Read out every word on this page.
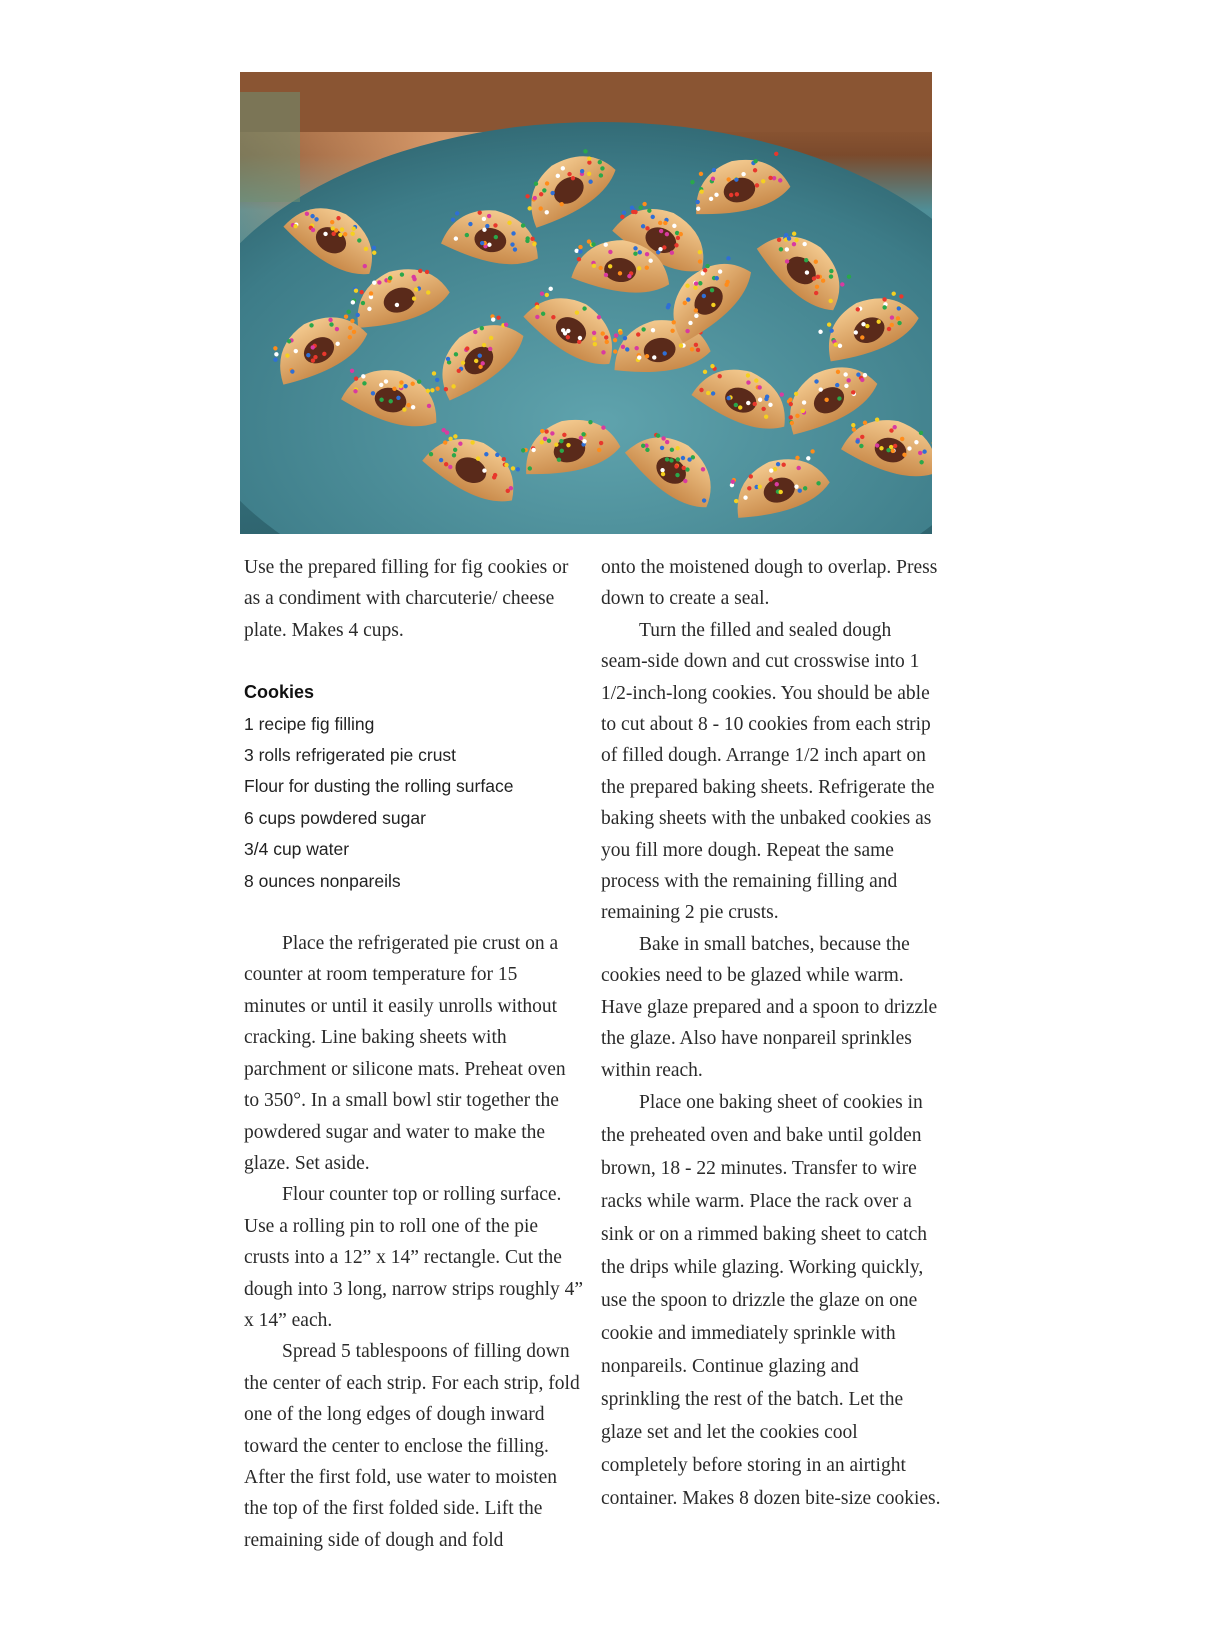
Use the prepared filling for fig cookies or as a condiment with charcuterie/ cheese plate. Makes 4 cups.

Cookies
1 recipe fig filling
3 rolls refrigerated pie crust
Flour for dusting the rolling surface
6 cups powdered sugar
3/4 cup water
8 ounces nonpareils

Place the refrigerated pie crust on a counter at room temperature for 15 minutes or until it easily unrolls without cracking. Line baking sheets with parchment or silicone mats. Preheat oven to 350°. In a small bowl stir together the powdered sugar and water to make the glaze. Set aside.

Flour counter top or rolling surface. Use a rolling pin to roll one of the pie crusts into a 12” x 14” rectangle. Cut the dough into 3 long, narrow strips roughly 4” x 14” each.

Spread 5 tablespoons of filling down the center of each strip. For each strip, fold one of the long edges of dough inward toward the center to enclose the filling. After the first fold, use water to moisten the top of the first folded side. Lift the remaining side of dough and fold

onto the moistened dough to overlap. Press down to create a seal.

Turn the filled and sealed dough seam-side down and cut crosswise into 1 1/2-inch-long cookies. You should be able to cut about 8 - 10 cookies from each strip of filled dough. Arrange 1/2 inch apart on the prepared baking sheets. Refrigerate the baking sheets with the unbaked cookies as you fill more dough. Repeat the same process with the remaining filling and remaining 2 pie crusts.

Bake in small batches, because the cookies need to be glazed while warm. Have glaze prepared and a spoon to drizzle the glaze. Also have nonpareil sprinkles within reach.

Place one baking sheet of cookies in the preheated oven and bake until golden brown, 18 - 22 minutes. Transfer to wire racks while warm. Place the rack over a sink or on a rimmed baking sheet to catch the drips while glazing. Working quickly, use the spoon to drizzle the glaze on one cookie and immediately sprinkle with nonpareils. Continue glazing and sprinkling the rest of the batch. Let the glaze set and let the cookies cool completely before storing in an airtight container. Makes 8 dozen bite-size cookies.
